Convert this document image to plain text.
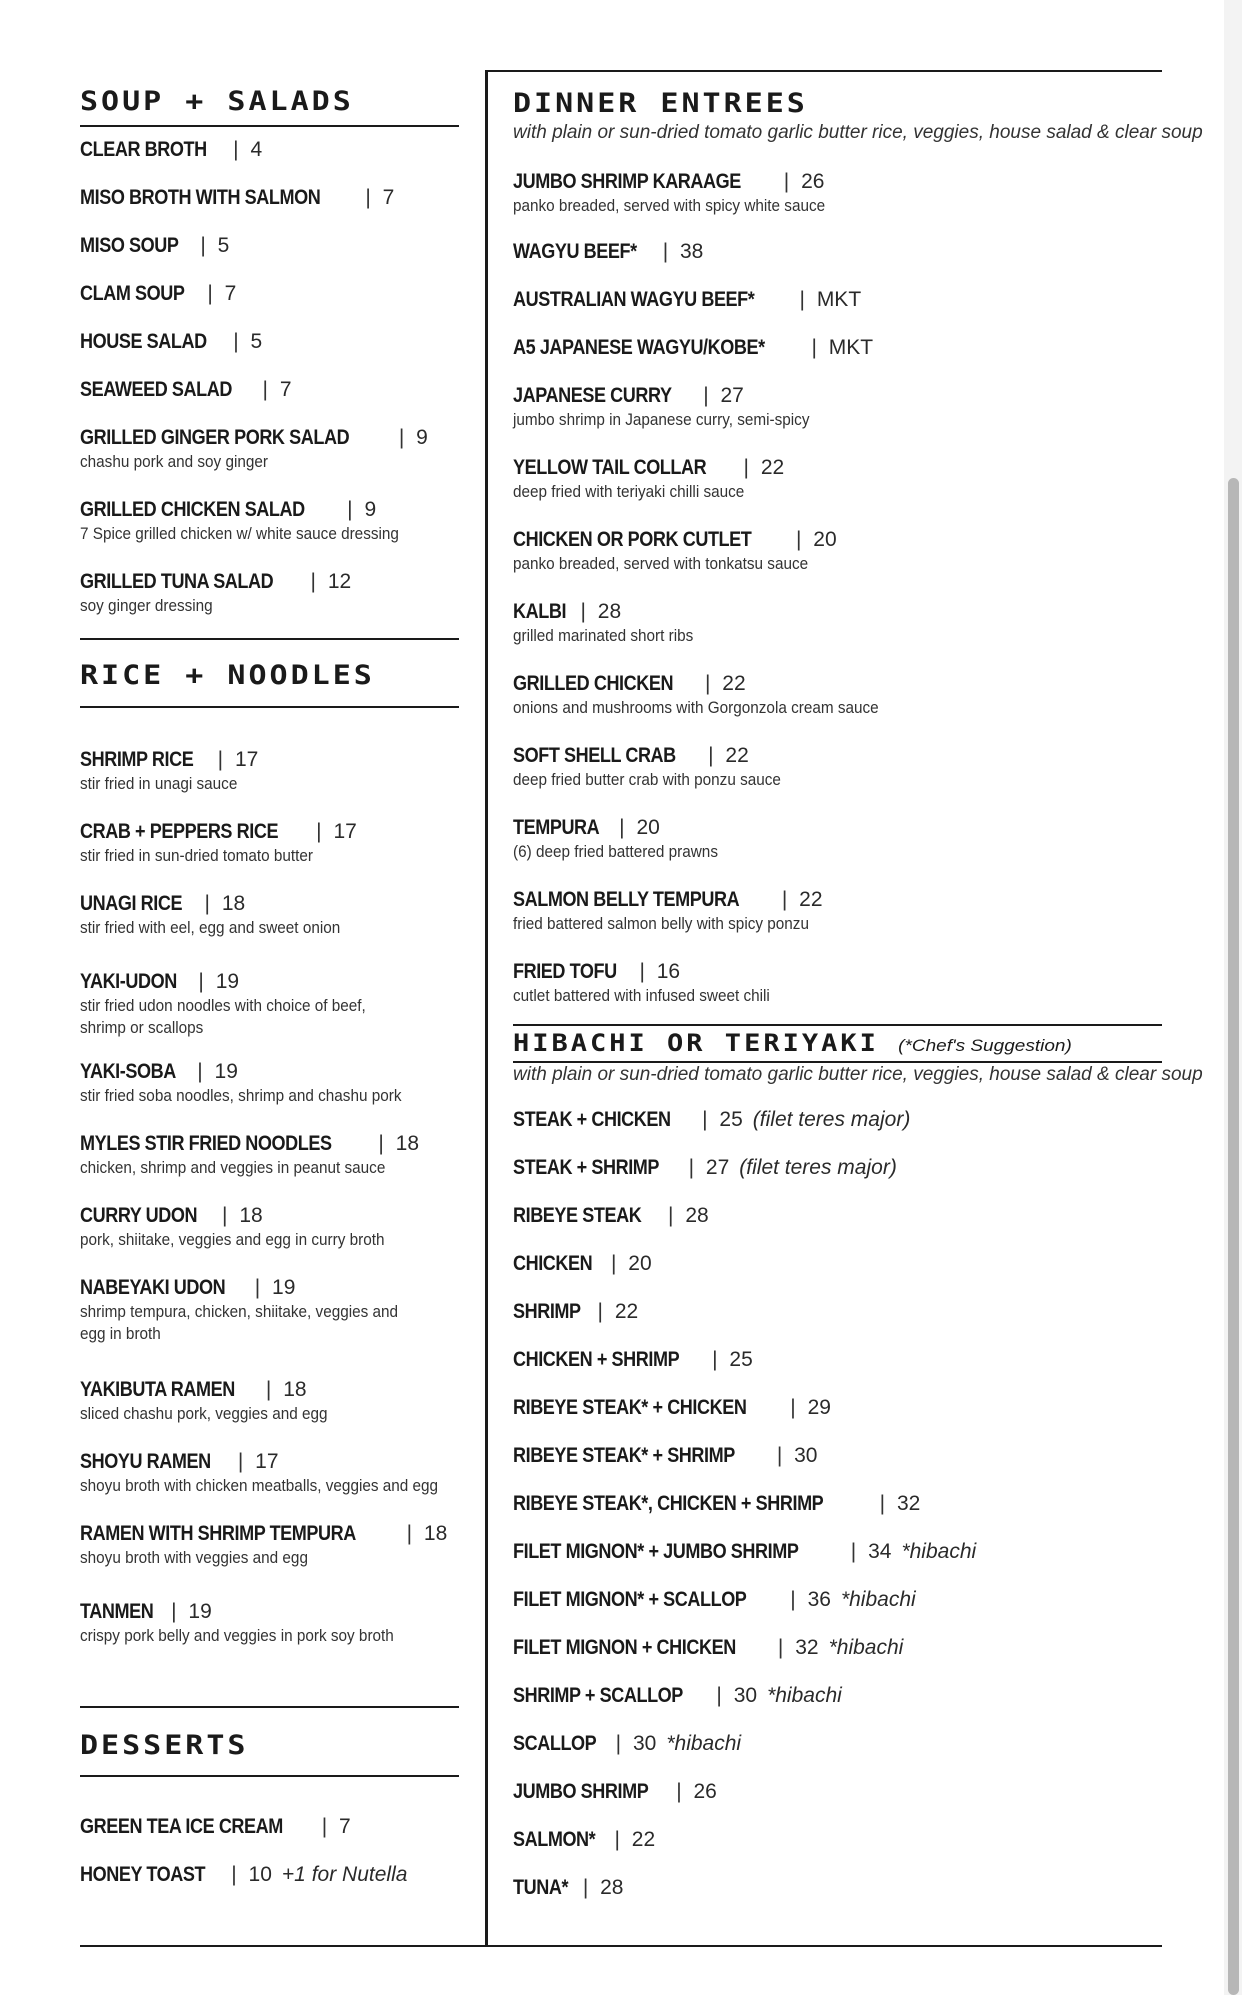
SOUP + SALADS
CLEAR BROTH | 4
MISO BROTH WITH SALMON | 7
MISO SOUP | 5
CLAM SOUP | 7
HOUSE SALAD | 5
SEAWEED SALAD | 7
GRILLED GINGER PORK SALAD | 9
chashu pork and soy ginger
GRILLED CHICKEN SALAD | 9
7 Spice grilled chicken w/ white sauce dressing
GRILLED TUNA SALAD | 12
soy ginger dressing
RICE + NOODLES
SHRIMP RICE | 17
stir fried in unagi sauce
CRAB + PEPPERS RICE | 17
stir fried in sun-dried tomato butter
UNAGI RICE | 18
stir fried with eel, egg and sweet onion
YAKI-UDON | 19
stir fried udon noodles with choice of beef,
shrimp or scallops
YAKI-SOBA | 19
stir fried soba noodles, shrimp and chashu pork
MYLES STIR FRIED NOODLES | 18
chicken, shrimp and veggies in peanut sauce
CURRY UDON | 18
pork, shiitake, veggies and egg in curry broth
NABEYAKI UDON | 19
shrimp tempura, chicken, shiitake, veggies and
egg in broth
YAKIBUTA RAMEN | 18
sliced chashu pork, veggies and egg
SHOYU RAMEN | 17
shoyu broth with chicken meatballs, veggies and egg
RAMEN WITH SHRIMP TEMPURA | 18
shoyu broth with veggies and egg
TANMEN | 19
crispy pork belly and veggies in pork soy broth
DESSERTS
GREEN TEA ICE CREAM | 7
HONEY TOAST | 10 +1 for Nutella
DINNER ENTREES
with plain or sun-dried tomato garlic butter rice, veggies, house salad & clear soup
JUMBO SHRIMP KARAAGE | 26
panko breaded, served with spicy white sauce
WAGYU BEEF* | 38
AUSTRALIAN WAGYU BEEF* | MKT
A5 JAPANESE WAGYU/KOBE* | MKT
JAPANESE CURRY | 27
jumbo shrimp in Japanese curry, semi-spicy
YELLOW TAIL COLLAR | 22
deep fried with teriyaki chilli sauce
CHICKEN OR PORK CUTLET | 20
panko breaded, served with tonkatsu sauce
KALBI | 28
grilled marinated short ribs
GRILLED CHICKEN | 22
onions and mushrooms with Gorgonzola cream sauce
SOFT SHELL CRAB | 22
deep fried butter crab with ponzu sauce
TEMPURA | 20
(6) deep fried battered prawns
SALMON BELLY TEMPURA | 22
fried battered salmon belly with spicy ponzu
FRIED TOFU | 16
cutlet battered with infused sweet chili
HIBACHI OR TERIYAKI (*Chef's Suggestion)
with plain or sun-dried tomato garlic butter rice, veggies, house salad & clear soup
STEAK + CHICKEN | 25 (filet teres major)
STEAK + SHRIMP | 27 (filet teres major)
RIBEYE STEAK | 28
CHICKEN | 20
SHRIMP | 22
CHICKEN + SHRIMP | 25
RIBEYE STEAK* + CHICKEN | 29
RIBEYE STEAK* + SHRIMP | 30
RIBEYE STEAK*, CHICKEN + SHRIMP | 32
FILET MIGNON* + JUMBO SHRIMP | 34 *hibachi
FILET MIGNON* + SCALLOP | 36 *hibachi
FILET MIGNON + CHICKEN | 32 *hibachi
SHRIMP + SCALLOP | 30 *hibachi
SCALLOP | 30 *hibachi
JUMBO SHRIMP | 26
SALMON* | 22
TUNA* | 28
